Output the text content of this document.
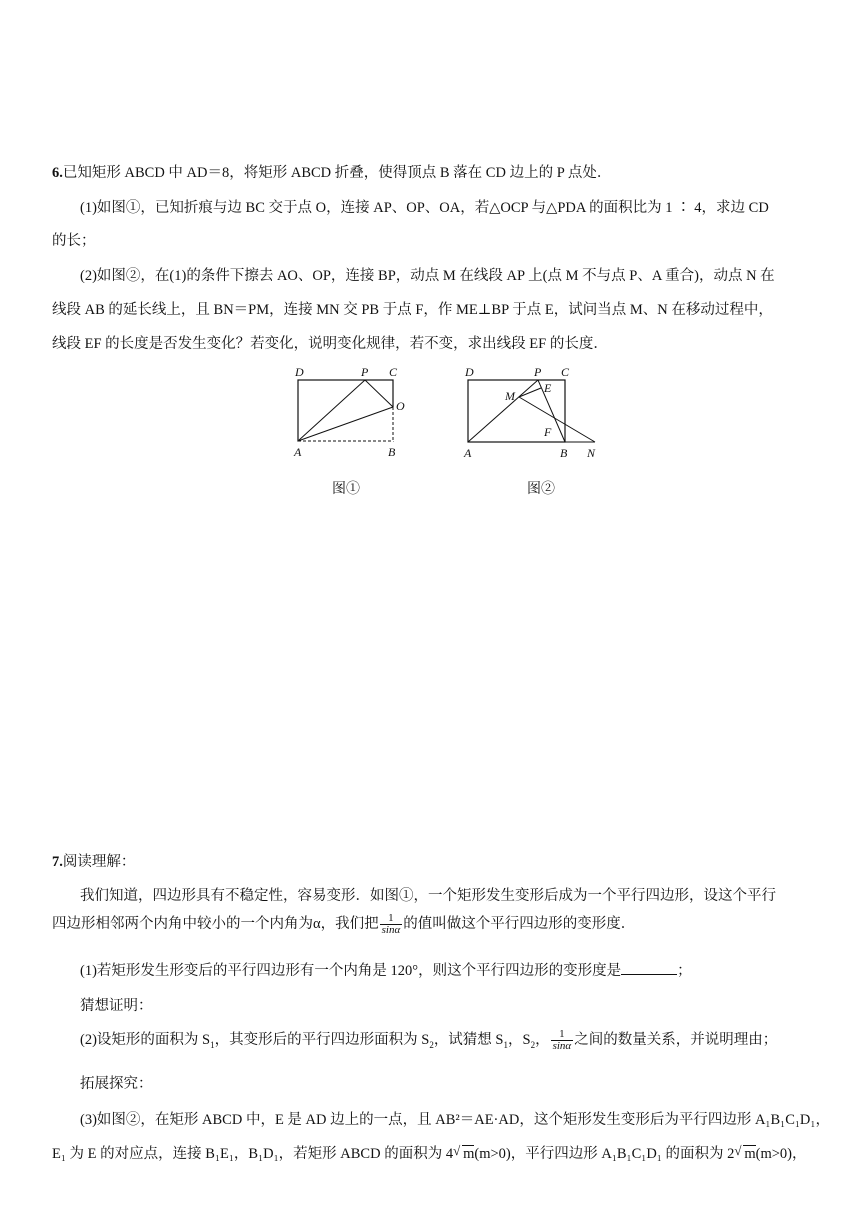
6.已知矩形 ABCD 中 AD＝8，将矩形 ABCD 折叠，使得顶点 B 落在 CD 边上的 P 点处．
(1)如图①，已知折痕与边 BC 交于点 O，连接 AP、OP、OA，若△OCP 与△PDA 的面积比为 1 ∶ 4，求边 CD
的长；
(2)如图②，在(1)的条件下擦去 AO、OP，连接 BP，动点 M 在线段 AP 上(点 M 不与点 P、A 重合)，动点 N 在
线段 AB 的延长线上，且 BN＝PM，连接 MN 交 PB 于点 F，作 ME⊥BP 于点 E，试问当点 M、N 在移动过程中，
线段 EF 的长度是否发生变化？若变化，说明变化规律，若不变，求出线段 EF 的长度．
D	P C
O
A	B
图①
D	P C
M
E
F
A	B N
图②
7.阅读理解：
我们知道，四边形具有不稳定性，容易变形．如图①，一个矩形发生变形后成为一个平行四边形，设这个平行
四边形相邻两个内角中较小的一个内角为α，我们把 $\frac{1}{\sin\alpha}$ 的值叫做这个平行四边形的变形度．
(1)若矩形发生形变后的平行四边形有一个内角是 120°，则这个平行四边形的变形度是	；
猜想证明：
(2)设矩形的面积为 $S_1$，其变形后的平行四边形面积为 $S_2$，试猜想 $S_1$，$S_2$， $\frac{1}{\sin\alpha}$ 之间的数量关系，并说明理由；
拓展探究：
(3)如图②，在矩形 ABCD 中，E 是 AD 边上的一点，且 AB²＝AE·AD，这个矩形发生变形后为平行四边形 A₁B₁C₁D₁，
E₁ 为 E 的对应点，连接 B₁E₁，B₁D₁，若矩形 ABCD 的面积为 4 √ m(m>0)，平行四边形 A₁B₁C₁D₁ 的面积为 2 √ m(m>0)，
